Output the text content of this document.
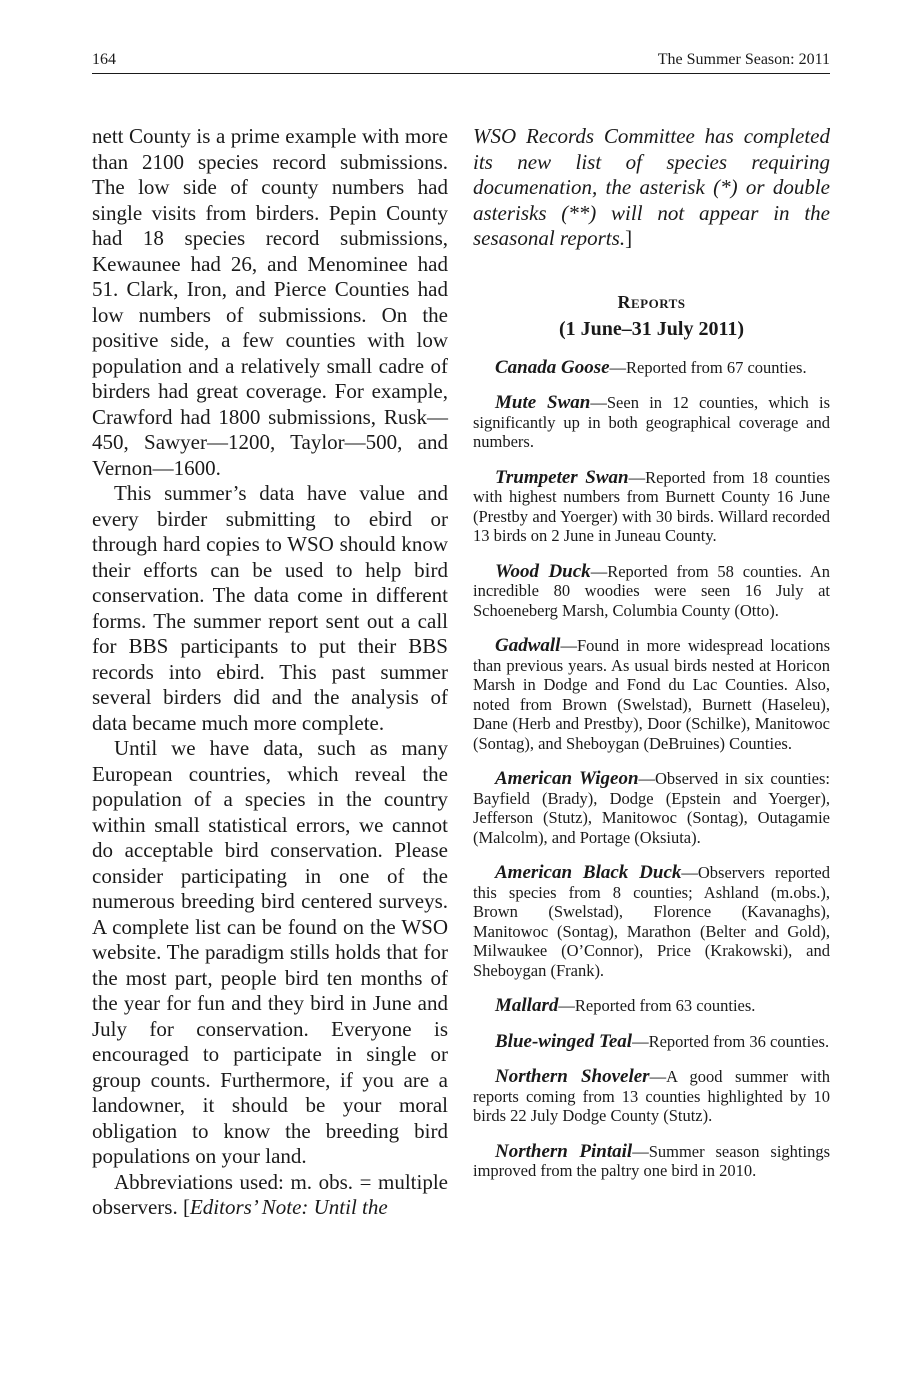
164	The Summer Season: 2011

nett County is a prime example with more than 2100 species record submissions. The low side of county numbers had single visits from birders. Pepin County had 18 species record submissions, Kewaunee had 26, and Menominee had 51. Clark, Iron, and Pierce Counties had low numbers of submissions. On the positive side, a few counties with low population and a relatively small cadre of birders had great coverage. For example, Crawford had 1800 submissions, Rusk—450, Sawyer—1200, Taylor—500, and Vernon—1600.

This summer’s data have value and every birder submitting to ebird or through hard copies to WSO should know their efforts can be used to help bird conservation. The data come in different forms. The summer report sent out a call for BBS participants to put their BBS records into ebird. This past summer several birders did and the analysis of data became much more complete.

Until we have data, such as many European countries, which reveal the population of a species in the country within small statistical errors, we cannot do acceptable bird conservation. Please consider participating in one of the numerous breeding bird centered surveys. A complete list can be found on the WSO website. The paradigm stills holds that for the most part, people bird ten months of the year for fun and they bird in June and July for conservation. Everyone is encouraged to participate in single or group counts. Furthermore, if you are a landowner, it should be your moral obligation to know the breeding bird populations on your land.

Abbreviations used: m. obs. = multiple observers. [Editors’ Note: Until the

WSO Records Committee has completed its new list of species requiring documenation, the asterisk (*) or double asterisks (**) will not appear in the sesasonal reports.]

Reports
(1 June–31 July 2011)

Canada Goose—Reported from 67 counties.

Mute Swan—Seen in 12 counties, which is significantly up in both geographical coverage and numbers.

Trumpeter Swan—Reported from 18 counties with highest numbers from Burnett County 16 June (Prestby and Yoerger) with 30 birds. Willard recorded 13 birds on 2 June in Juneau County.

Wood Duck—Reported from 58 counties. An incredible 80 woodies were seen 16 July at Schoeneberg Marsh, Columbia County (Otto).

Gadwall—Found in more widespread locations than previous years. As usual birds nested at Horicon Marsh in Dodge and Fond du Lac Counties. Also, noted from Brown (Swelstad), Burnett (Haseleu), Dane (Herb and Prestby), Door (Schilke), Manitowoc (Sontag), and Sheboygan (DeBruines) Counties.

American Wigeon—Observed in six counties: Bayfield (Brady), Dodge (Epstein and Yoerger), Jefferson (Stutz), Manitowoc (Sontag), Outagamie (Malcolm), and Portage (Oksiuta).

American Black Duck—Observers reported this species from 8 counties; Ashland (m.obs.), Brown (Swelstad), Florence (Kavanaghs), Manitowoc (Sontag), Marathon (Belter and Gold), Milwaukee (O’Connor), Price (Krakowski), and Sheboygan (Frank).

Mallard—Reported from 63 counties.

Blue-winged Teal—Reported from 36 counties.

Northern Shoveler—A good summer with reports coming from 13 counties highlighted by 10 birds 22 July Dodge County (Stutz).

Northern Pintail—Summer season sightings improved from the paltry one bird in 2010.
